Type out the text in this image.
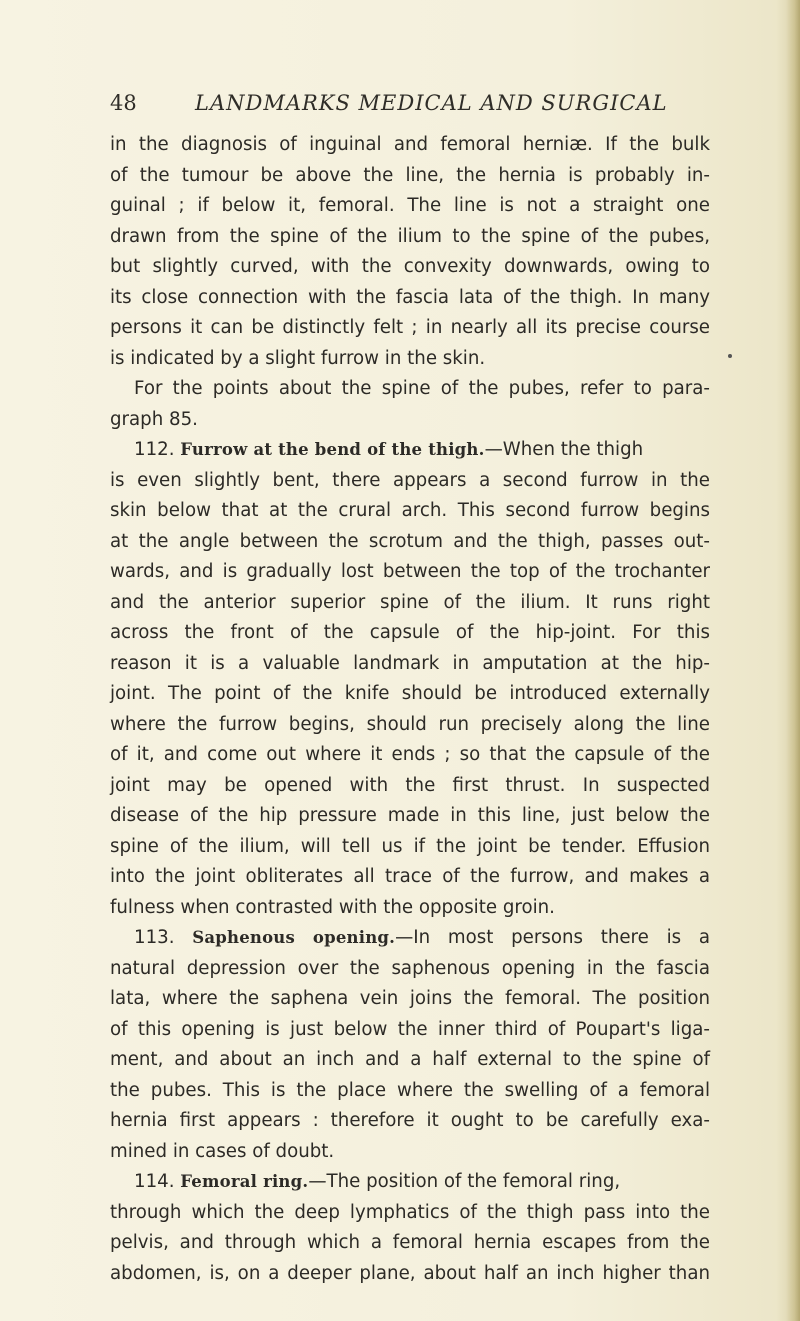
48	LANDMARKS MEDICAL AND SURGICAL
in the diagnosis of inguinal and femoral herniæ. If the bulk
of the tumour be above the line, the hernia is probably in-
guinal ; if below it, femoral. The line is not a straight one
drawn from the spine of the ilium to the spine of the pubes,
but slightly curved, with the convexity downwards, owing to
its close connection with the fascia lata of the thigh. In many
persons it can be distinctly felt ; in nearly all its precise course
is indicated by a slight furrow in the skin.
For the points about the spine of the pubes, refer to para-
graph 85.
112. Furrow at the bend of the thigh.—When the thigh
is even slightly bent, there appears a second furrow in the
skin below that at the crural arch. This second furrow begins
at the angle between the scrotum and the thigh, passes out-
wards, and is gradually lost between the top of the trochanter
and the anterior superior spine of the ilium. It runs right
across the front of the capsule of the hip-joint. For this
reason it is a valuable landmark in amputation at the hip-
joint. The point of the knife should be introduced externally
where the furrow begins, should run precisely along the line
of it, and come out where it ends ; so that the capsule of the
joint may be opened with the first thrust. In suspected
disease of the hip pressure made in this line, just below the
spine of the ilium, will tell us if the joint be tender. Effusion
into the joint obliterates all trace of the furrow, and makes a
fulness when contrasted with the opposite groin.
113. Saphenous opening.—In most persons there is a
natural depression over the saphenous opening in the fascia
lata, where the saphena vein joins the femoral. The position
of this opening is just below the inner third of Poupart's liga-
ment, and about an inch and a half external to the spine of
the pubes. This is the place where the swelling of a femoral
hernia first appears : therefore it ought to be carefully exa-
mined in cases of doubt.
114. Femoral ring.—The position of the femoral ring,
through which the deep lymphatics of the thigh pass into the
pelvis, and through which a femoral hernia escapes from the
abdomen, is, on a deeper plane, about half an inch higher than
